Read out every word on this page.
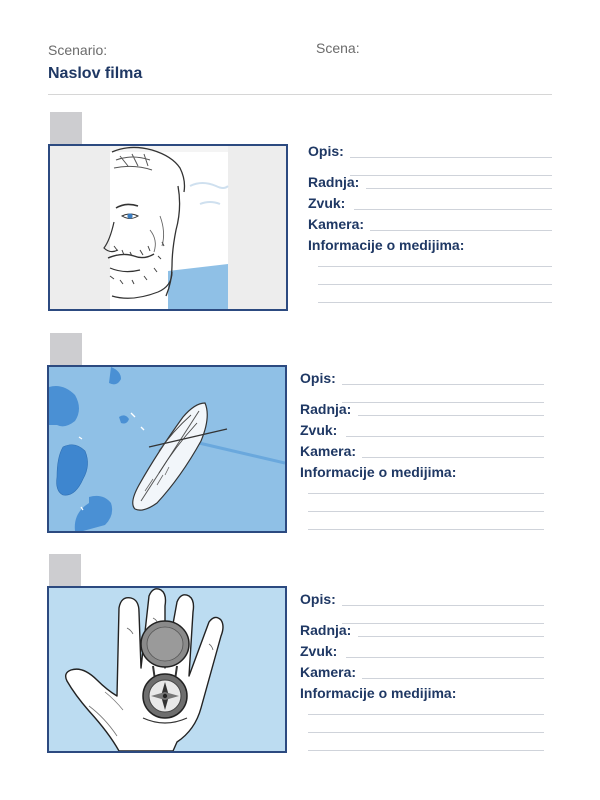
Scenario:	Scena:
Naslov filma
Opis:
Radnja:
Zvuk:
Kamera:
Informacije o medijima:
Opis:
Radnja:
Zvuk:
Kamera:
Informacije o medijima:
Opis:
Radnja:
Zvuk:
Kamera:
Informacije o medijima:
